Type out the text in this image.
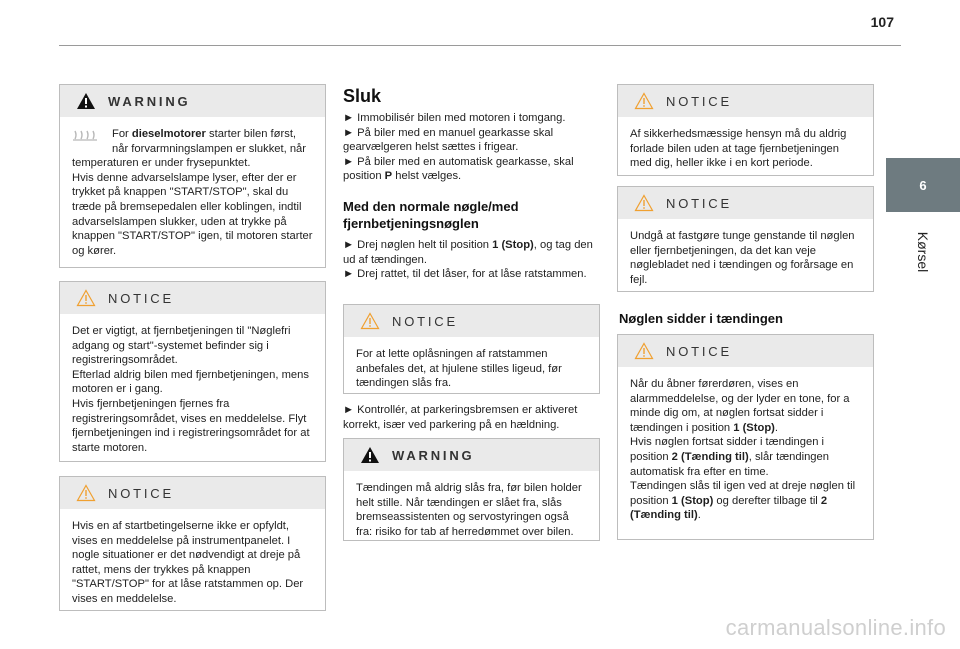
107
WARNING

For dieselmotorer starter bilen først,

når forvarmningslampen er slukket, når

temperaturen er under frysepunktet.
Hvis denne advarselslampe lyser, efter der er trykket på knappen "START/STOP", skal du træde på bremsepedalen eller koblingen, indtil advarselslampen slukker, uden at trykke på knappen "START/STOP" igen, til motoren starter og kører.

NOTICE

Det er vigtigt, at fjernbetjeningen til "Nøglefri adgang og start"-systemet befinder sig i registreringsområdet.
Efterlad aldrig bilen med fjernbetjeningen, mens motoren er i gang.
Hvis fjernbetjeningen fjernes fra registreringsområdet, vises en meddelelse. Flyt fjernbetjeningen ind i registreringsområdet for at starte motoren.

NOTICE

Hvis en af startbetingelserne ikke er opfyldt, vises en meddelelse på instrumentpanelet. I nogle situationer er det nødvendigt at dreje på rattet, mens der trykkes på knappen "START/STOP" for at låse ratstammen op. Der vises en meddelelse.

Sluk

► Immobilisér bilen med motoren i tomgang.

► På biler med en manuel gearkasse skal gearvælgeren helst sættes i frigear.

► På biler med en automatisk gearkasse, skal position P helst vælges.

Med den normale nøgle/med fjernbetjeningsnøglen

► Drej nøglen helt til position 1 (Stop), og tag den ud af tændingen.

► Drej rattet, til det låser, for at låse ratstammen.

NOTICE

For at lette oplåsningen af ratstammen anbefales det, at hjulene stilles ligeud, før tændingen slås fra.

► Kontrollér, at parkeringsbremsen er aktiveret korrekt, især ved parkering på en hældning.

WARNING

Tændingen må aldrig slås fra, før bilen holder helt stille. Når tændingen er slået fra, slås bremseassistenten og servostyringen også fra: risiko for tab af herredømmet over bilen.

NOTICE

Af sikkerhedsmæssige hensyn må du aldrig forlade bilen uden at tage fjernbetjeningen med dig, heller ikke i en kort periode.

NOTICE

Undgå at fastgøre tunge genstande til nøglen eller fjernbetjeningen, da det kan veje nøglebladet ned i tændingen og forårsage en fejl.

Nøglen sidder i tændingen
NOTICE

Når du åbner førerdøren, vises en alarmmeddelelse, og der lyder en tone, for a minde dig om, at nøglen fortsat sidder i tændingen i position 1 (Stop).

Hvis nøglen fortsat sidder i tændingen i position 2 (Tænding til), slår tændingen automatisk fra efter en time.

Tændingen slås til igen ved at dreje nøglen til position 1 (Stop) og derefter tilbage til 2 (Tænding til).

6
Kørsel
carmanualsonline.info
